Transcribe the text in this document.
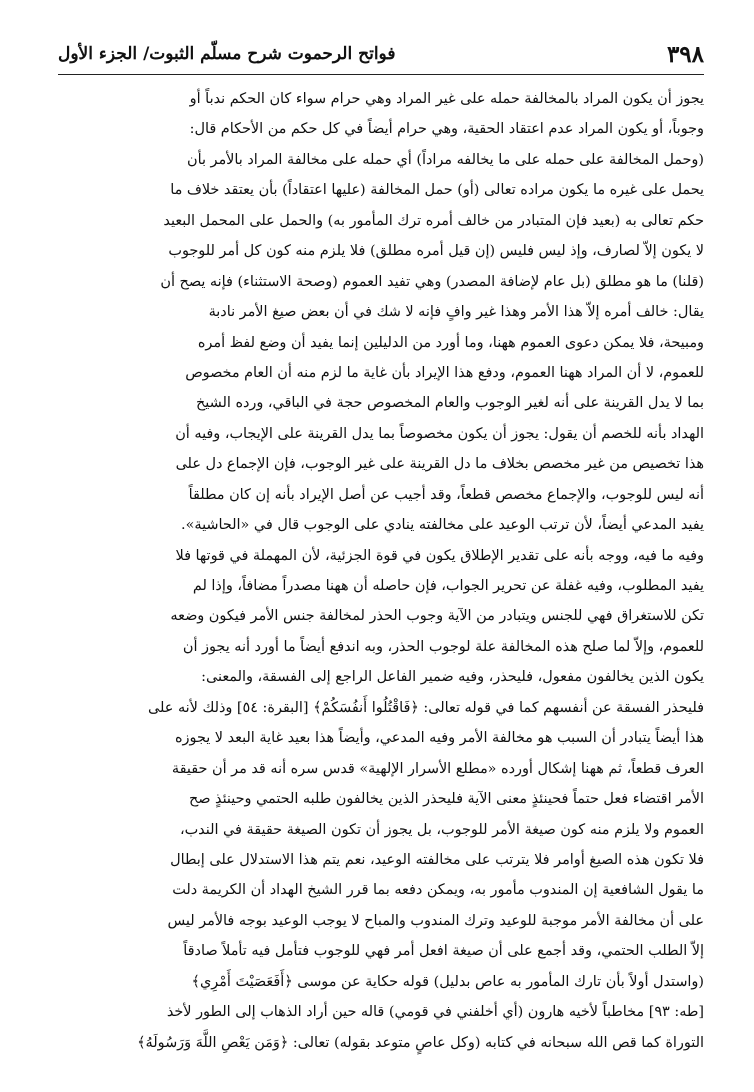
٣٩٨
فواتح الرحموت شرح مسلّم الثبوت/ الجزء الأول
يجوز أن يكون المراد بالمخالفة حمله على غير المراد وهي حرام سواء كان الحكم ندباً أو
وجوباً، أو يكون المراد عدم اعتقاد الحقية، وهي حرام أيضاً في كل حكم من الأحكام قال:
(وحمل المخالفة على حمله على ما يخالفه مراداً) أي حمله على مخالفة المراد بالأمر بأن
يحمل على غيره ما يكون مراده تعالى (أو) حمل المخالفة (عليها اعتقاداً) بأن يعتقد خلاف ما
حكم تعالى به (بعيد فإن المتبادر من خالف أمره ترك المأمور به) والحمل على المحمل البعيد
لا يكون إلاّ لصارف، وإذ ليس فليس (إن قيل أمره مطلق) فلا يلزم منه كون كل أمر للوجوب
(قلنا) ما هو مطلق (بل عام لإضافة المصدر) وهي تفيد العموم (وصحة الاستثناء) فإنه يصح أن
يقال: خالف أمره إلاّ هذا الأمر وهذا غير وافٍ فإنه لا شك في أن بعض صيغ الأمر نادبة
ومبيحة، فلا يمكن دعوى العموم ههنا، وما أورد من الدليلين إنما يفيد أن وضع لفظ أمره
للعموم، لا أن المراد ههنا العموم، ودفع هذا الإيراد بأن غاية ما لزم منه أن العام مخصوص
بما لا يدل القرينة على أنه لغير الوجوب والعام المخصوص حجة في الباقي، ورده الشيخ
الهداد بأنه للخصم أن يقول: يجوز أن يكون مخصوصاً بما يدل القرينة على الإيجاب، وفيه أن
هذا تخصيص من غير مخصص بخلاف ما دل القرينة على غير الوجوب، فإن الإجماع دل على
أنه ليس للوجوب، والإجماع مخصص قطعاً، وقد أجيب عن أصل الإيراد بأنه إن كان مطلقاً
يفيد المدعي أيضاً، لأن ترتب الوعيد على مخالفته ينادي على الوجوب قال في «الحاشية».
وفيه ما فيه، ووجه بأنه على تقدير الإطلاق يكون في قوة الجزئية، لأن المهملة في قوتها فلا
يفيد المطلوب، وفيه غفلة عن تحرير الجواب، فإن حاصله أن ههنا مصدراً مضافاً، وإذا لم
تكن للاستغراق فهي للجنس ويتبادر من الآية وجوب الحذر لمخالفة جنس الأمر فيكون وضعه
للعموم، وإلاّ لما صلح هذه المخالفة علة لوجوب الحذر، وبه اندفع أيضاً ما أورد أنه يجوز أن
يكون الذين يخالفون مفعول، فليحذر، وفيه ضمير الفاعل الراجع إلى الفسقة، والمعنى:
فليحذر الفسقة عن أنفسهم كما في قوله تعالى: ﴿فَاقْتُلُوا أَنفُسَكُمْ﴾ [البقرة: ٥٤] وذلك لأنه على
هذا أيضاً يتبادر أن السبب هو مخالفة الأمر وفيه المدعي، وأيضاً هذا بعيد غاية البعد لا يجوزه
العرف قطعاً، ثم ههنا إشكال أورده «مطلع الأسرار الإلهية» قدس سره أنه قد مر أن حقيقة
الأمر اقتضاء فعل حتماً فحينئذٍ معنى الآية فليحذر الذين يخالفون طلبه الحتمي وحينئذٍ صح
العموم ولا يلزم منه كون صيغة الأمر للوجوب، بل يجوز أن تكون الصيغة حقيقة في الندب،
فلا تكون هذه الصيغ أوامر فلا يترتب على مخالفته الوعيد، نعم يتم هذا الاستدلال على إبطال
ما يقول الشافعية إن المندوب مأمور به، ويمكن دفعه بما قرر الشيخ الهداد أن الكريمة دلت
على أن مخالفة الأمر موجبة للوعيد وترك المندوب والمباح لا يوجب الوعيد بوجه فالأمر ليس
إلاّ الطلب الحتمي، وقد أجمع على أن صيغة افعل أمر فهي للوجوب فتأمل فيه تأملاً صادقاً
(واستدل أولاً بأن تارك المأمور به عاص بدليل) قوله حكاية عن موسى ﴿أَفَعَصَيْتَ أَمْرِي﴾
[طه: ٩٣] مخاطباً لأخيه هارون (أي أخلفني في قومي) قاله حين أراد الذهاب إلى الطور لأخذ
التوراة كما قص الله سبحانه في كتابه (وكل عاصٍ متوعد بقوله) تعالى: ﴿وَمَن يَعْصِ اللَّهَ وَرَسُولَهُ﴾
